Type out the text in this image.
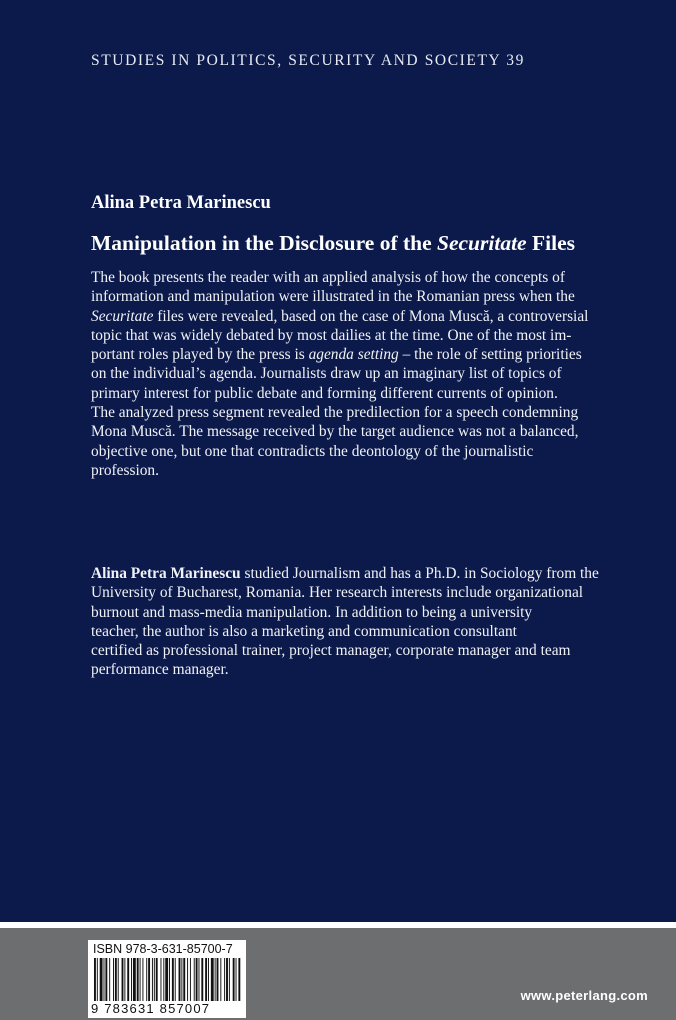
STUDIES IN POLITICS, SECURITY AND SOCIETY 39
Alina Petra Marinescu
Manipulation in the Disclosure of the Securitate Files
The book presents the reader with an applied analysis of how the concepts of
information and manipulation were illustrated in the Romanian press when the
Securitate files were revealed, based on the case of Mona Muscă, a controversial
topic that was widely debated by most dailies at the time. One of the most im-
portant roles played by the press is agenda setting – the role of setting priorities
on the individual’s agenda. Journalists draw up an imaginary list of topics of
primary interest for public debate and forming different currents of opinion.
The analyzed press segment revealed the predilection for a speech condemning
Mona Muscă. The message received by the target audience was not a balanced,
objective one, but one that contradicts the deontology of the journalistic
profession.
Alina Petra Marinescu studied Journalism and has a Ph.D. in Sociology from the
University of Bucharest, Romania. Her research interests include organizational
burnout and mass-media manipulation. In addition to being a university
teacher, the author is also a marketing and communication consultant
certified as professional trainer, project manager, corporate manager and team
performance manager.
ISBN 978-3-631-85700-7
9 783631 857007
www.peterlang.com
